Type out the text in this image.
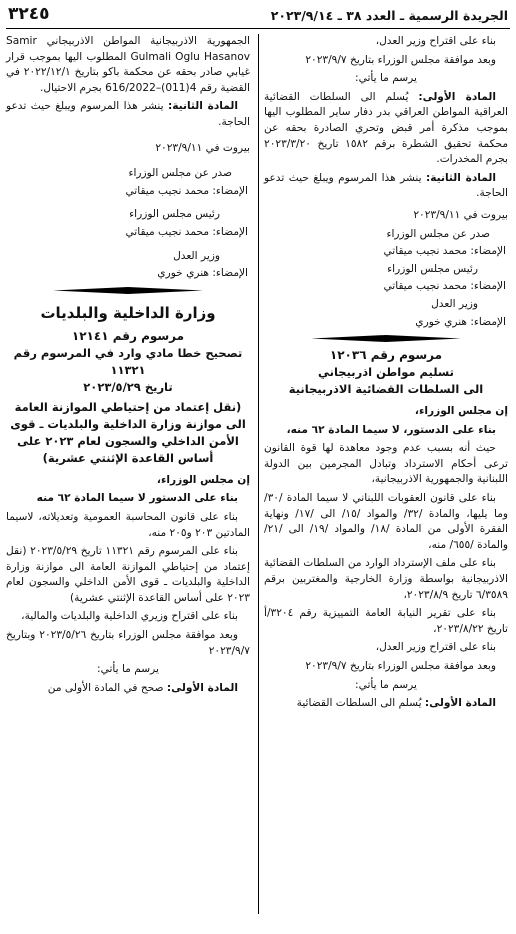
الجريدة الرسمية ـ العدد ٣٨ ـ ٢٠٢٣/٩/١٤
٣٢٤٥

بناء على اقتراح وزير العدل،

وبعد موافقة مجلس الوزراء بتاريخ ٢٠٢٣/٩/٧

يرسم ما يأتي:

المادة الأولى: يُسلم الى السلطات القضائية العراقية المواطن العراقي بدر دفار ساير المطلوب اليها بموجب مذكرة أمر قبض وتحري الصادرة بحقه عن محكمة تحقيق الشطرة برقم ١٥٨٢ تاريخ ٢٠٢٣/٣/٢٠ بجرم المخدرات.

المادة الثانية: ينشر هذا المرسوم ويبلغ حيث تدعو الحاجة.

بيروت في ٢٠٢٣/٩/١١

صدر عن مجلس الوزراء

الإمضاء: محمد نجيب ميقاتي

رئيس مجلس الوزراء

الإمضاء: محمد نجيب ميقاتي

وزير العدل

الإمضاء: هنري خوري

مرسوم رقم ١٢٠٣٦
تسليم مواطن اذربيجاني
الى السلطات القضائية الاذربيجانية

إن مجلس الوزراء،

بناء على الدستور، لا سيما المادة ٦٢ منه،

حيث أنه بسبب عدم وجود معاهدة لها قوة القانون ترعى أحكام الاسترداد وتبادل المجرمين بين الدولة اللبنانية والجمهورية الاذربيجانية،

بناء على قانون العقوبات اللبناني لا سيما المادة /٣٠/ وما يليها، والمادة /٣٢/ والمواد /١٥/ الى /١٧/ ونهاية الفقرة الأولى من المادة /١٨/ والمواد /١٩/ الى /٢١/ والمادة /٦٥٥/ منه،

بناء على ملف الإسترداد الوارد من السلطات القضائية الاذربيجانية بواسطة وزارة الخارجية والمغتربين برقم ٦/٣٥٨٩ تاريخ ٢٠٢٣/٨/٩،

بناء على تقرير النيابة العامة التمييزية رقم ٣٢٠٤/أ تاريخ ٢٠٢٣/٨/٢٢،

بناء على اقتراح وزير العدل،

وبعد موافقة مجلس الوزراء بتاريخ ٢٠٢٣/٩/٧

يرسم ما يأتي:

المادة الأولى: يُسلم الى السلطات القضائية

الجمهورية الاذربيجانية المواطن الاذربيجاني Samir Gulmali Oglu Hasanov المطلوب اليها بموجب قرار غيابي صادر بحقه عن محكمة باكو بتاريخ ٢٠٢٢/١٢/١ في القضية رقم 4(011)–616/2022 بجرم الاحتيال.

المادة الثانية: ينشر هذا المرسوم ويبلغ حيث تدعو الحاجة.

بيروت في ٢٠٢٣/٩/١١

صدر عن مجلس الوزراء

الإمضاء: محمد نجيب ميقاتي

رئيس مجلس الوزراء

الإمضاء: محمد نجيب ميقاتي

وزير العدل

الإمضاء: هنري خوري

وزارة الداخلية والبلديات
مرسوم رقم ١٢١٤١
تصحيح خطا مادي وارد في المرسوم رقم ١١٣٢١
تاريخ ٢٠٢٣/٥/٢٩
(نقل إعتماد من إحتياطي الموازنة العامة الى موازنة وزارة الداخلية والبلديات ـ قوى الأمن الداخلي والسجون لعام ٢٠٢٣ على أساس القاعدة الإثنتي عشرية)

إن مجلس الوزراء،

بناء على الدستور لا سيما المادة ٦٢ منه

بناء على قانون المحاسبة العمومية وتعديلاته، لاسيما المادتين ٢٠٣ و٢٠٥ منه،

بناء على المرسوم رقم ١١٣٢١ تاريخ ٢٠٢٣/٥/٢٩ (نقل إعتماد من إحتياطي الموازنة العامة الى موازنة وزارة الداخلية والبلديات ـ قوى الأمن الداخلي والسجون لعام ٢٠٢٣ على أساس القاعدة الإثنتي عشرية)

بناء على اقتراح وزيري الداخلية والبلديات والمالية،

وبعد موافقة مجلس الوزراء بتاريخ ٢٠٢٣/٥/٢٦ وبتاريخ ٢٠٢٣/٩/٧

يرسم ما يأتي:

المادة الأولى: صحح في المادة الأولى من
